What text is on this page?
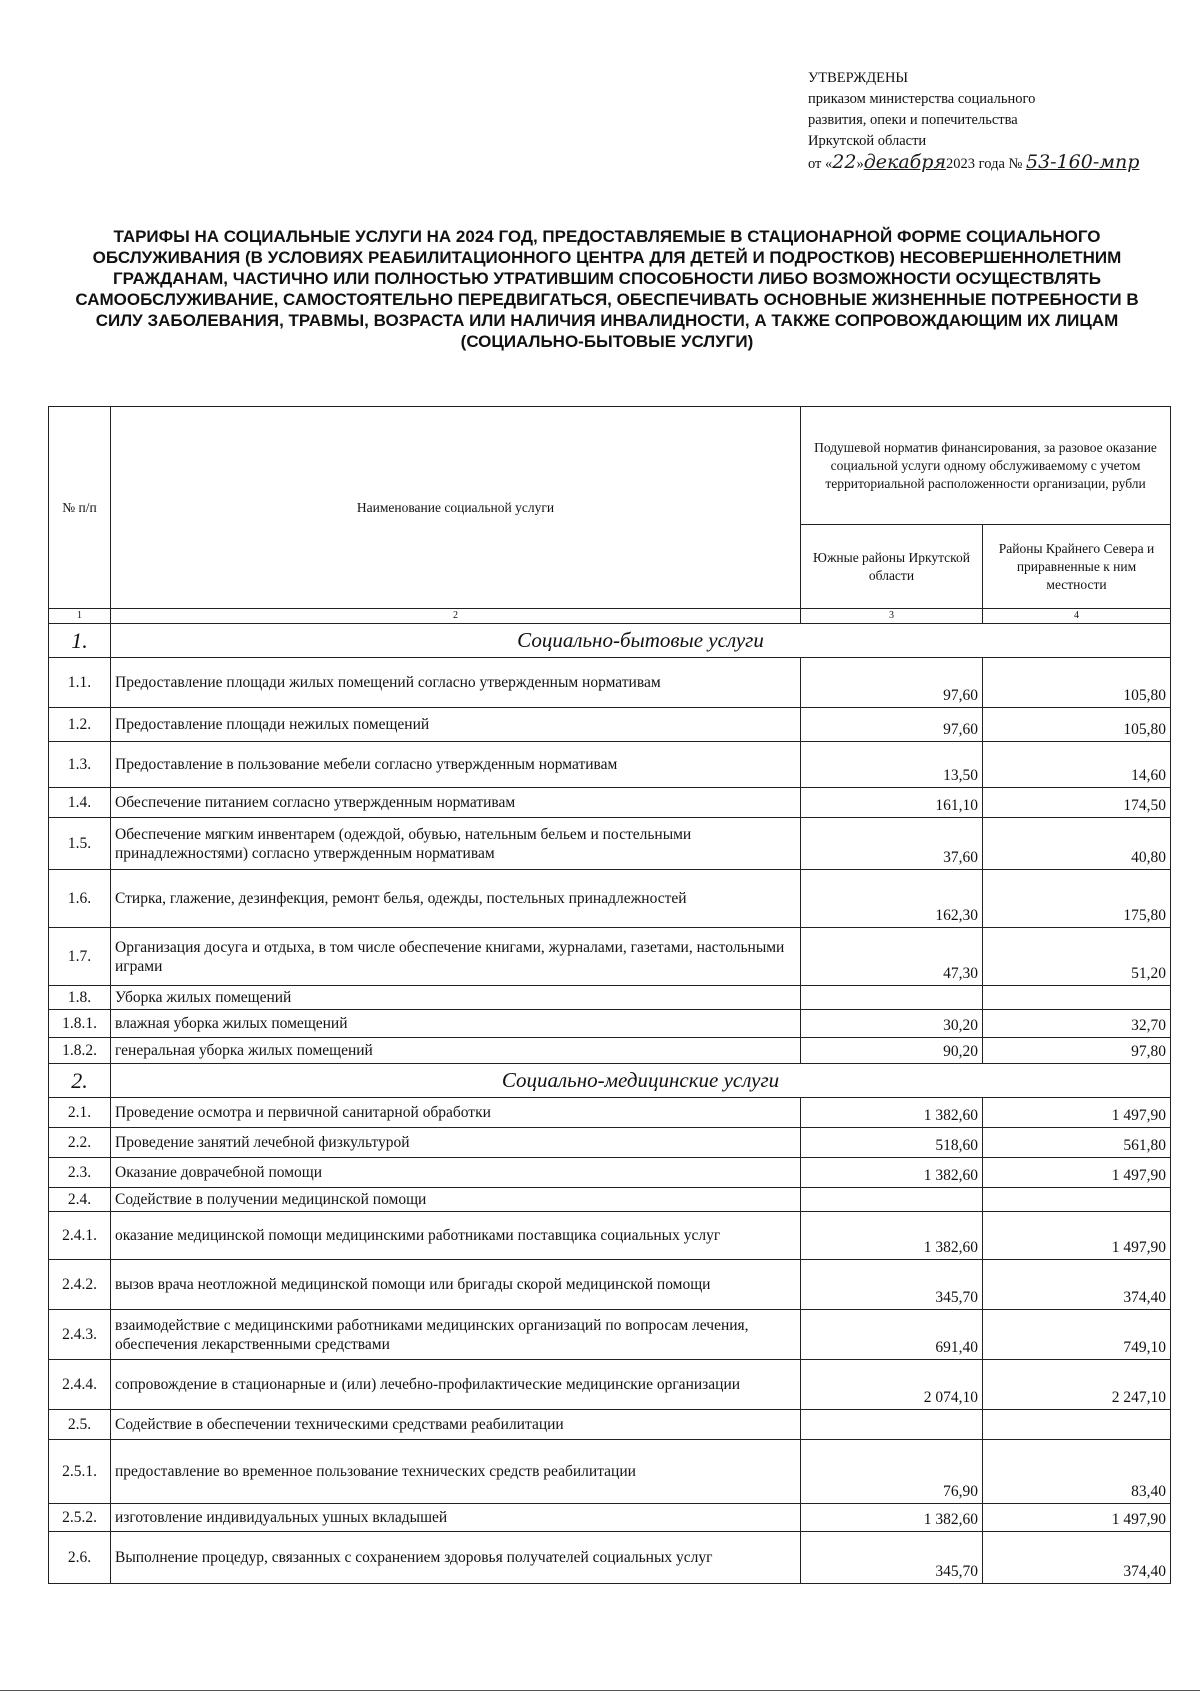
УТВЕРЖДЕНЫ
приказом министерства социального
развития, опеки и попечительства
Иркутской области
от «22»декабря2023 года № 53-160-мпр
ТАРИФЫ НА СОЦИАЛЬНЫЕ УСЛУГИ НА 2024 ГОД, ПРЕДОСТАВЛЯЕМЫЕ В СТАЦИОНАРНОЙ ФОРМЕ СОЦИАЛЬНОГО ОБСЛУЖИВАНИЯ (В УСЛОВИЯХ РЕАБИЛИТАЦИОННОГО ЦЕНТРА ДЛЯ ДЕТЕЙ И ПОДРОСТКОВ) НЕСОВЕРШЕННОЛЕТНИМ ГРАЖДАНАМ, ЧАСТИЧНО ИЛИ ПОЛНОСТЬЮ УТРАТИВШИМ СПОСОБНОСТИ ЛИБО ВОЗМОЖНОСТИ ОСУЩЕСТВЛЯТЬ САМООБСЛУЖИВАНИЕ, САМОСТОЯТЕЛЬНО ПЕРЕДВИГАТЬСЯ, ОБЕСПЕЧИВАТЬ ОСНОВНЫЕ ЖИЗНЕННЫЕ ПОТРЕБНОСТИ В СИЛУ ЗАБОЛЕВАНИЯ, ТРАВМЫ, ВОЗРАСТА ИЛИ НАЛИЧИЯ ИНВАЛИДНОСТИ, А ТАКЖЕ СОПРОВОЖДАЮЩИМ ИХ ЛИЦАМ (СОЦИАЛЬНО-БЫТОВЫЕ УСЛУГИ)
№ п/п	Наименование социальной услуги	Подушевой норматив финансирования, за разовое оказание социальной услуги одному обслуживаемому с учетом территориальной расположенности организации, рубли	
		Южные районы Иркутской области	Районы Крайнего Севера и приравненные к ним местности
1	2	3	4
1.	Социально-бытовые услуги		
1.1.	Предоставление площади жилых помещений согласно утвержденным нормативам	97,60	105,80
1.2.	Предоставление площади нежилых помещений	97,60	105,80
1.3.	Предоставление в пользование мебели согласно утвержденным нормативам	13,50	14,60
1.4.	Обеспечение питанием согласно утвержденным нормативам	161,10	174,50
1.5.	Обеспечение мягким инвентарем (одеждой, обувью, нательным бельем и постельными принадлежностями) согласно утвержденным нормативам	37,60	40,80
1.6.	Стирка, глажение, дезинфекция, ремонт белья, одежды, постельных принадлежностей	162,30	175,80
1.7.	Организация досуга и отдыха, в том числе обеспечение книгами, журналами, газетами, настольными играми	47,30	51,20
1.8.	Уборка жилых помещений		
1.8.1.	влажная уборка жилых помещений	30,20	32,70
1.8.2.	генеральная уборка жилых помещений	90,20	97,80
2.	Социально-медицинские услуги		
2.1.	Проведение осмотра и первичной санитарной обработки	1 382,60	1 497,90
2.2.	Проведение занятий лечебной физкультурой	518,60	561,80
2.3.	Оказание доврачебной помощи	1 382,60	1 497,90
2.4.	Содействие в получении медицинской помощи		
2.4.1.	оказание медицинской помощи медицинскими работниками поставщика социальных услуг	1 382,60	1 497,90
2.4.2.	вызов врача неотложной медицинской помощи или бригады скорой медицинской помощи	345,70	374,40
2.4.3.	взаимодействие с медицинскими работниками медицинских организаций по вопросам лечения, обеспечения лекарственными средствами	691,40	749,10
2.4.4.	сопровождение в стационарные и (или) лечебно-профилактические медицинские организации	2 074,10	2 247,10
2.5.	Содействие в обеспечении техническими средствами реабилитации		
2.5.1.	предоставление во временное пользование технических средств реабилитации	76,90	83,40
2.5.2.	изготовление индивидуальных ушных вкладышей	1 382,60	1 497,90
2.6.	Выполнение процедур, связанных с сохранением здоровья получателей социальных услуг	345,70	374,40
